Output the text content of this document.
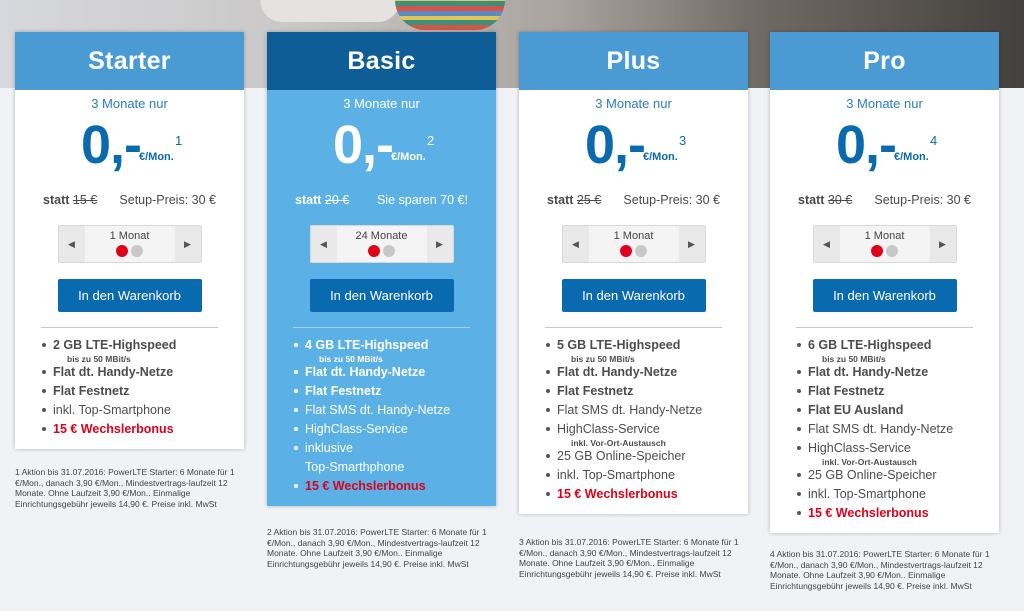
Starter
3 Monate nur
0,-
€/Mon.
1
statt 15 € Setup-Preis: 30 €
◀
1 Monat
▶
In den Warenkorb
2 GB LTE-Highspeed
bis zu 50 MBit/s
Flat dt. Handy-Netze
Flat Festnetz
inkl. Top-Smartphone
15 € Wechslerbonus
Basic
3 Monate nur
0,-
€/Mon.
2
statt 20 € Sie sparen 70 €!
◀
24 Monate
▶
In den Warenkorb
4 GB LTE-Highspeed
bis zu 50 MBit/s
Flat dt. Handy-Netze
Flat Festnetz
Flat SMS dt. Handy-Netze
HighClass-Service
inklusive
Top-Smarthphone
15 € Wechslerbonus
Plus
3 Monate nur
0,-
€/Mon.
3
statt 25 € Setup-Preis: 30 €
◀
1 Monat
▶
In den Warenkorb
5 GB LTE-Highspeed
bis zu 50 MBit/s
Flat dt. Handy-Netze
Flat Festnetz
Flat SMS dt. Handy-Netze
HighClass-Service
inkl. Vor-Ort-Austausch
25 GB Online-Speicher
inkl. Top-Smartphone
15 € Wechslerbonus
Pro
3 Monate nur
0,-
€/Mon.
4
statt 30 € Setup-Preis: 30 €
◀
1 Monat
▶
In den Warenkorb
6 GB LTE-Highspeed
bis zu 50 MBit/s
Flat dt. Handy-Netze
Flat Festnetz
Flat EU Ausland
Flat SMS dt. Handy-Netze
HighClass-Service
inkl. Vor-Ort-Austausch
25 GB Online-Speicher
inkl. Top-Smartphone
15 € Wechslerbonus
1 Aktion bis 31.07.2016: PowerLTE Starter: 6 Monate für 1 €/Mon., danach 3,90 €/Mon., Mindestvertrags-laufzeit 12 Monate. Ohne Laufzeit 3,90 €/Mon.. Einmalige Einrichtungsgebühr jeweils 14,90 €. Preise inkl. MwSt
2 Aktion bis 31.07.2016: PowerLTE Starter: 6 Monate für 1 €/Mon., danach 3,90 €/Mon., Mindestvertrags-laufzeit 12 Monate. Ohne Laufzeit 3,90 €/Mon.. Einmalige Einrichtungsgebühr jeweils 14,90 €. Preise inkl. MwSt
3 Aktion bis 31.07.2016: PowerLTE Starter: 6 Monate für 1 €/Mon., danach 3,90 €/Mon., Mindestvertrags-laufzeit 12 Monate. Ohne Laufzeit 3,90 €/Mon.. Einmalige Einrichtungsgebühr jeweils 14,90 €. Preise inkl. MwSt
4 Aktion bis 31.07.2016: PowerLTE Starter: 6 Monate für 1 €/Mon., danach 3,90 €/Mon., Mindestvertrags-laufzeit 12 Monate. Ohne Laufzeit 3,90 €/Mon.. Einmalige Einrichtungsgebühr jeweils 14,90 €. Preise inkl. MwSt
